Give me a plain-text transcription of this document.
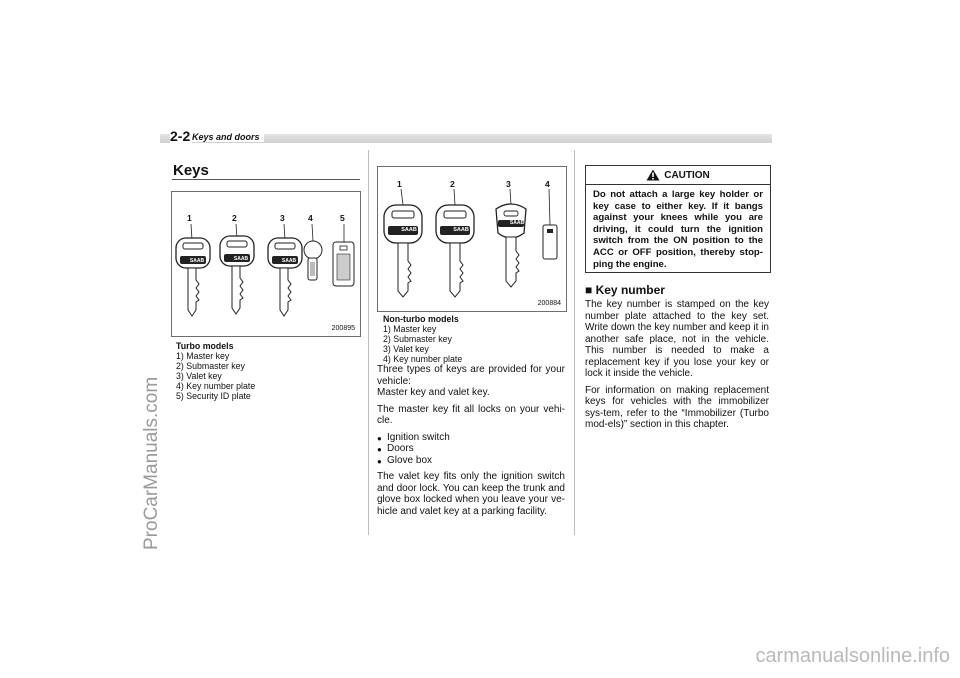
2-2 Keys and doors
ProCarManuals.com
carmanualsonline.info
Keys
SAAB	SAAB	SAAB
1	2	3	4	5
200895
Turbo models
1) Master key
2) Submaster key
3) Valet key
4) Key number plate
5) Security ID plate
SAAB	SAAB
SAAB
1	2	3	4
200884
Non-turbo models
1) Master key
2) Submaster key
3) Valet key
4) Key number plate

Three types of keys are provided for your vehicle:
Master key and valet key.

The master key fit all locks on your vehi-cle.

● Ignition switch
● Doors
● Glove box

The valet key fits only the ignition switch and door lock. You can keep the trunk and glove box locked when you leave your ve-hicle and valet key at a parking facility.

CAUTION
Do not attach a large key holder or key case to either key. If it bangs against your knees while you are driving, it could turn the ignition switch from the ON position to the ACC or OFF position, thereby stop-ping the engine.
■ Key number

The key number is stamped on the key number plate attached to the key set. Write down the key number and keep it in another safe place, not in the vehicle. This number is needed to make a replacement key if you lose your key or lock it inside the vehicle.

For information on making replacement keys for vehicles with the immobilizer sys-tem, refer to the “Immobilizer (Turbo mod-els)” section in this chapter.
